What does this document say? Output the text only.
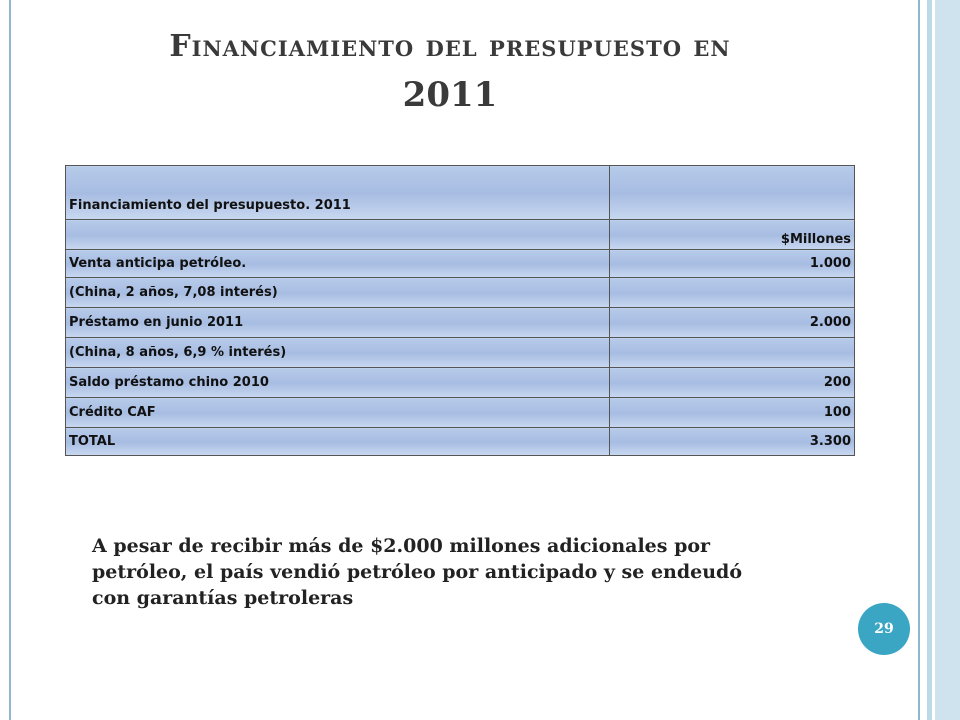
Financiamiento del presupuesto en
2011
Financiamiento del presupuesto. 2011	
	$Millones
Venta anticipa petróleo.	1.000
(China, 2 años, 7,08 interés)	
Préstamo en junio 2011	2.000
(China, 8 años, 6,9 % interés)	
Saldo préstamo chino 2010	200
Crédito CAF	100
TOTAL	3.300

A pesar de recibir más de $2.000 millones adicionales por petróleo, el país vendió petróleo por anticipado y se endeudó con garantías petroleras

29
